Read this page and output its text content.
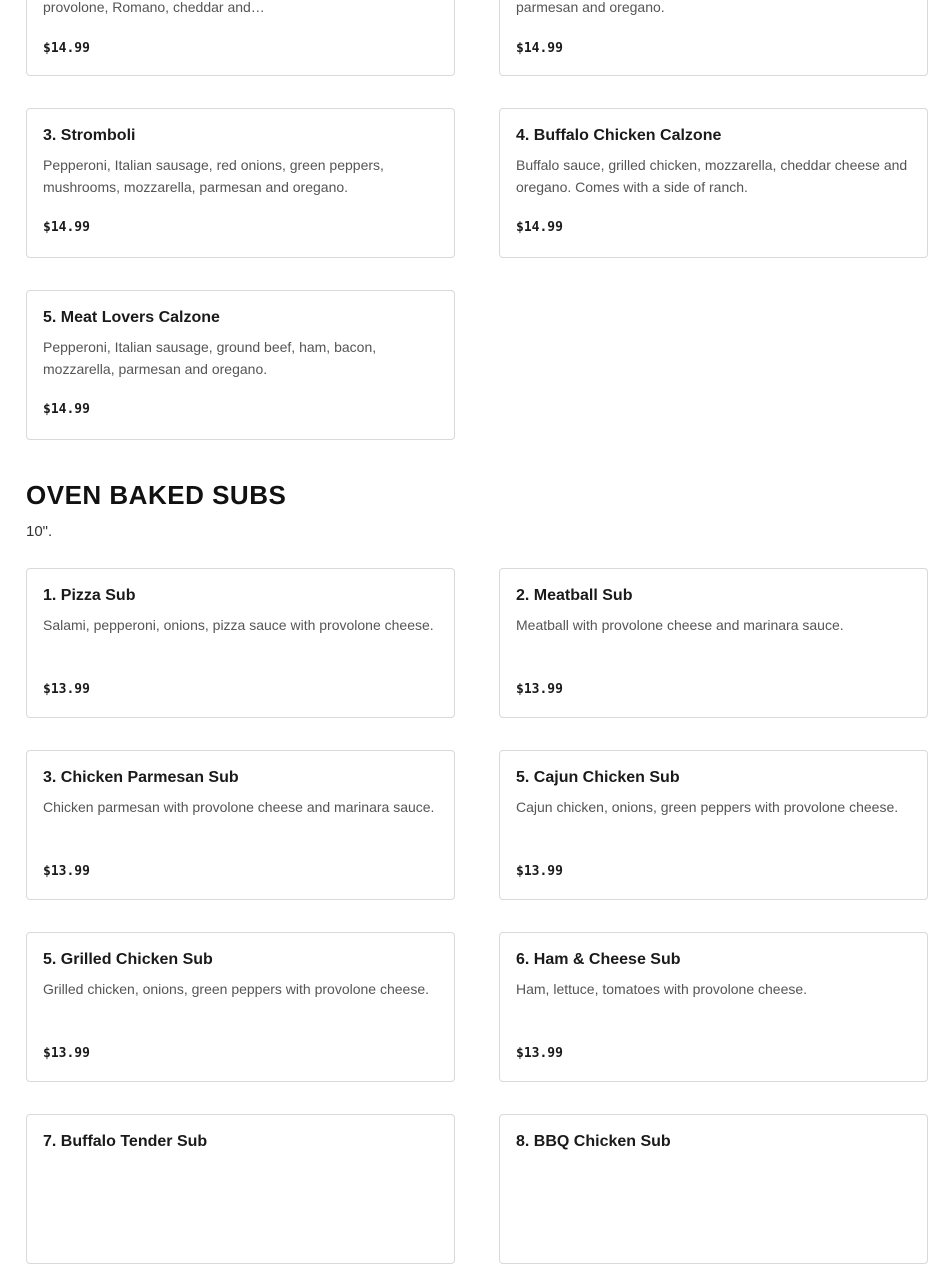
provolone, Romano, cheddar and…
$14.99
parmesan and oregano.
$14.99
3. Stromboli
Pepperoni, Italian sausage, red onions, green peppers, mushrooms, mozzarella, parmesan and oregano.
$14.99
4. Buffalo Chicken Calzone
Buffalo sauce, grilled chicken, mozzarella, cheddar cheese and oregano. Comes with a side of ranch.
$14.99
5. Meat Lovers Calzone
Pepperoni, Italian sausage, ground beef, ham, bacon, mozzarella, parmesan and oregano.
$14.99
OVEN BAKED SUBS
10".
1. Pizza Sub
Salami, pepperoni, onions, pizza sauce with provolone cheese.
$13.99
2. Meatball Sub
Meatball with provolone cheese and marinara sauce.
$13.99
3. Chicken Parmesan Sub
Chicken parmesan with provolone cheese and marinara sauce.
$13.99
5. Cajun Chicken Sub
Cajun chicken, onions, green peppers with provolone cheese.
$13.99
5. Grilled Chicken Sub
Grilled chicken, onions, green peppers with provolone cheese.
$13.99
6. Ham & Cheese Sub
Ham, lettuce, tomatoes with provolone cheese.
$13.99
7. Buffalo Tender Sub	8. BBQ Chicken Sub
